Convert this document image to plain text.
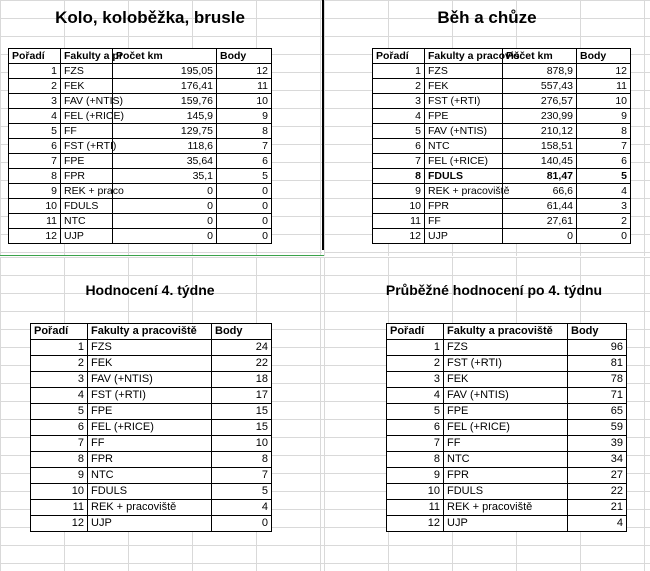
Kolo, koloběžka, brusle
Pořadí	Fakulty a pr	Počet km	Body
1	FZS	195,05	12
2	FEK	176,41	11
3	FAV (+NTIS)	159,76	10
4	FEL (+RICE)	145,9	9
5	FF	129,75	8
6	FST (+RTI)	118,6	7
7	FPE	35,64	6
8	FPR	35,1	5
9	REK + praco	0	0
10	FDULS	0	0
11	NTC	0	0
12	UJP	0	0
Běh a chůze
Pořadí	Fakulty a pracoviš	Počet km	Body
1	FZS	878,9	12
2	FEK	557,43	11
3	FST (+RTI)	276,57	10
4	FPE	230,99	9
5	FAV (+NTIS)	210,12	8
6	NTC	158,51	7
7	FEL (+RICE)	140,45	6
8	FDULS	81,47	5
9	REK + pracoviště	66,6	4
10	FPR	61,44	3
11	FF	27,61	2
12	UJP	0	0
Hodnocení 4. týdne
Pořadí	Fakulty a pracoviště	Body
1	FZS	24
2	FEK	22
3	FAV (+NTIS)	18
4	FST (+RTI)	17
5	FPE	15
6	FEL (+RICE)	15
7	FF	10
8	FPR	8
9	NTC	7
10	FDULS	5
11	REK + pracoviště	4
12	UJP	0
Průběžné hodnocení po 4. týdnu
Pořadí	Fakulty a pracoviště	Body
1	FZS	96
2	FST (+RTI)	81
3	FEK	78
4	FAV (+NTIS)	71
5	FPE	65
6	FEL (+RICE)	59
7	FF	39
8	NTC	34
9	FPR	27
10	FDULS	22
11	REK + pracoviště	21
12	UJP	4
